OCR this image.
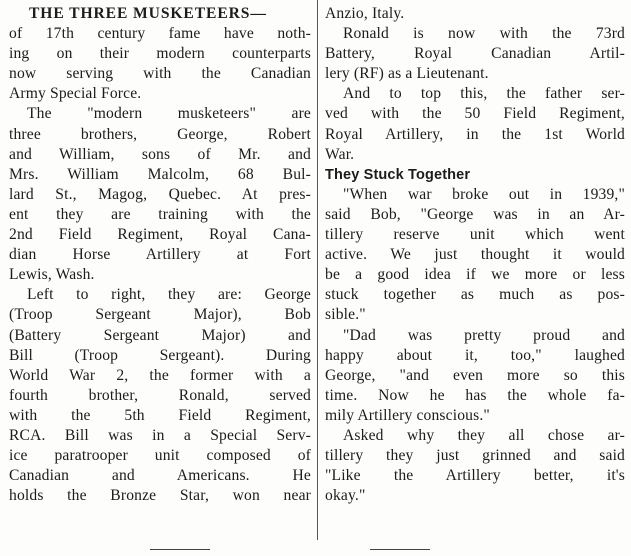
THE THREE MUSKETEERS—
of 17th century fame have noth-
ing on their modern counterparts
now serving with the Canadian
Army Special Force.
The "modern musketeers" are
three brothers, George, Robert
and William, sons of Mr. and
Mrs. William Malcolm, 68 Bul-
lard St., Magog, Quebec. At pres-
ent they are training with the
2nd Field Regiment, Royal Cana-
dian Horse Artillery at Fort
Lewis, Wash.
Left to right, they are: George
(Troop Sergeant Major), Bob
(Battery Sergeant Major) and
Bill (Troop Sergeant). During
World War 2, the former with a
fourth brother, Ronald, served
with the 5th Field Regiment,
RCA. Bill was in a Special Serv-
ice paratrooper unit composed of
Canadian and Americans. He
holds the Bronze Star, won near
Anzio, Italy.
Ronald is now with the 73rd
Battery, Royal Canadian Artil-
lery (RF) as a Lieutenant.
And to top this, the father ser-
ved with the 50 Field Regiment,
Royal Artillery, in the 1st World
War.
They Stuck Together
"When war broke out in 1939,"
said Bob, "George was in an Ar-
tillery reserve unit which went
active. We just thought it would
be a good idea if we more or less
stuck together as much as pos-
sible."
"Dad was pretty proud and
happy about it, too," laughed
George, "and even more so this
time. Now he has the whole fa-
mily Artillery conscious."
Asked why they all chose ar-
tillery they just grinned and said
"Like the Artillery better, it's
okay."
